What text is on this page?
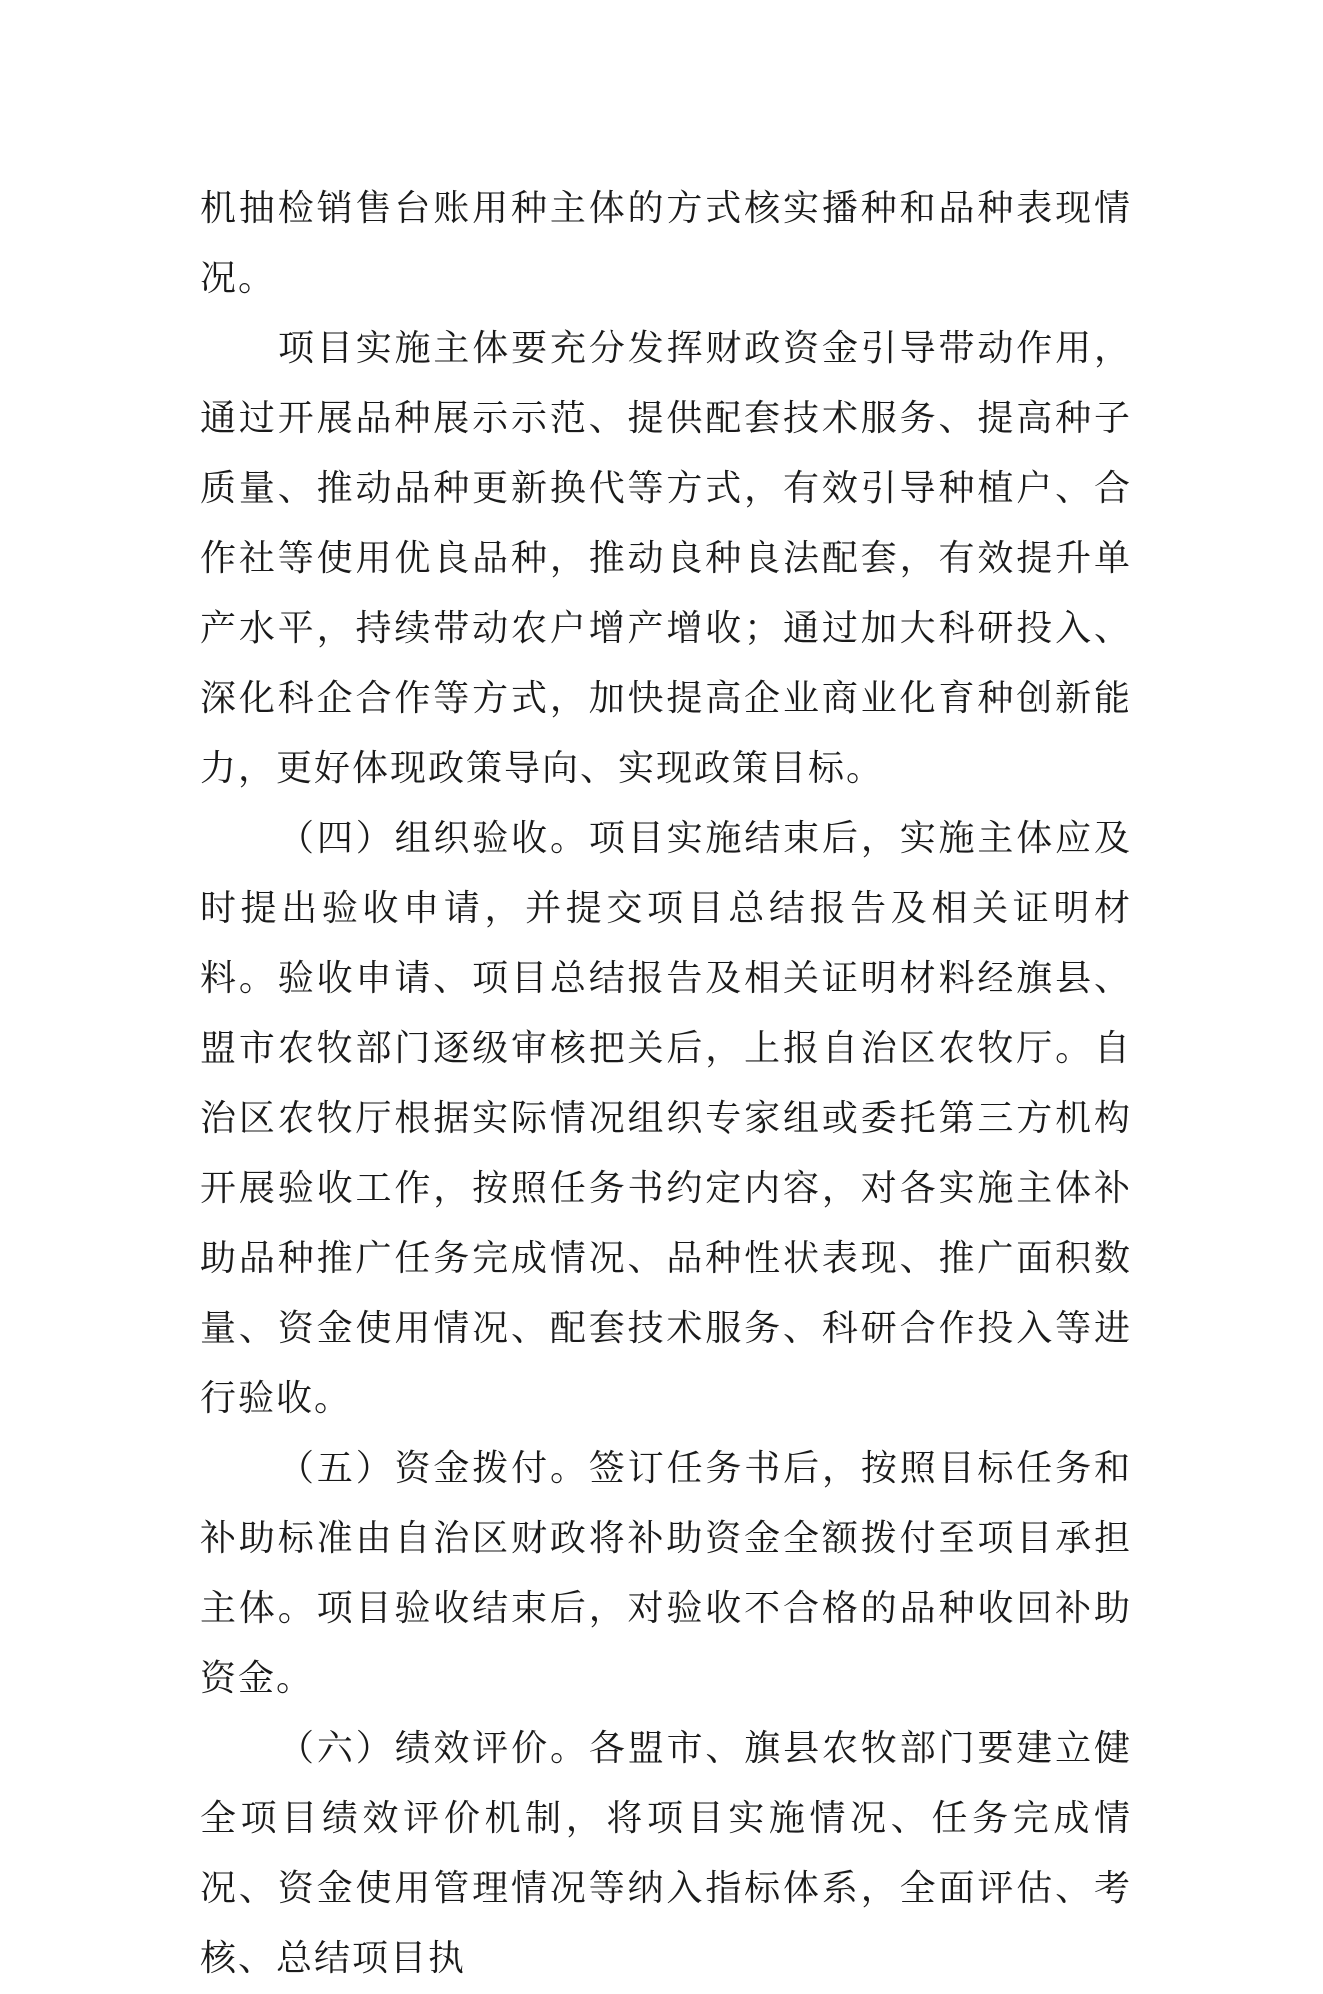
机抽检销售台账用种主体的方式核实播种和品种表现情况。

项目实施主体要充分发挥财政资金引导带动作用，通过开展品种展示示范、提供配套技术服务、提高种子质量、推动品种更新换代等方式，有效引导种植户、合作社等使用优良品种，推动良种良法配套，有效提升单产水平，持续带动农户增产增收；通过加大科研投入、深化科企合作等方式，加快提高企业商业化育种创新能力，更好体现政策导向、实现政策目标。

（四）组织验收。项目实施结束后，实施主体应及时提出验收申请，并提交项目总结报告及相关证明材料。验收申请、项目总结报告及相关证明材料经旗县、盟市农牧部门逐级审核把关后，上报自治区农牧厅。自治区农牧厅根据实际情况组织专家组或委托第三方机构开展验收工作，按照任务书约定内容，对各实施主体补助品种推广任务完成情况、品种性状表现、推广面积数量、资金使用情况、配套技术服务、科研合作投入等进行验收。

（五）资金拨付。签订任务书后，按照目标任务和补助标准由自治区财政将补助资金全额拨付至项目承担主体。项目验收结束后，对验收不合格的品种收回补助资金。

（六）绩效评价。各盟市、旗县农牧部门要建立健全项目绩效评价机制，将项目实施情况、任务完成情况、资金使用管理情况等纳入指标体系，全面评估、考核、总结项目执
